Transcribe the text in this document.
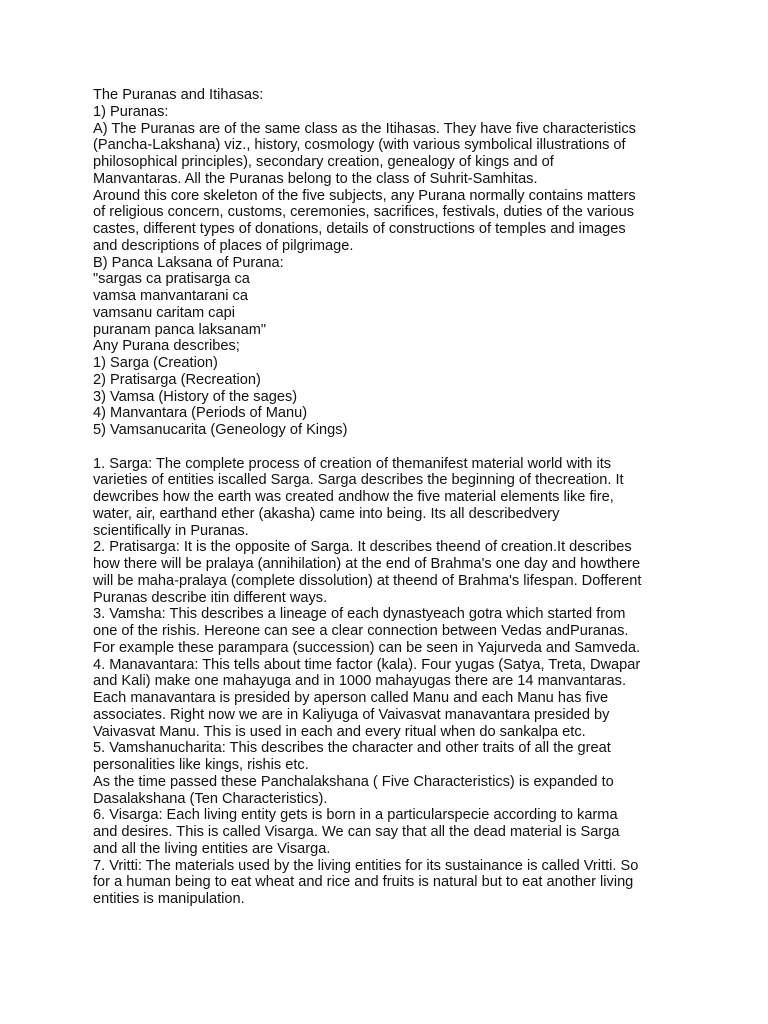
The Puranas and Itihasas:
1) Puranas:
A) The Puranas are of the same class as the Itihasas. They have five characteristics
(Pancha-Lakshana) viz., history, cosmology (with various symbolical illustrations of
philosophical principles), secondary creation, genealogy of kings and of
Manvantaras. All the Puranas belong to the class of Suhrit-Samhitas.
Around this core skeleton of the five subjects, any Purana normally contains matters
of religious concern, customs, ceremonies, sacrifices, festivals, duties of the various
castes, different types of donations, details of constructions of temples and images
and descriptions of places of pilgrimage.
B) Panca Laksana of Purana:
"sargas ca pratisarga ca
vamsa manvantarani ca
vamsanu caritam capi
puranam panca laksanam"
Any Purana describes;
1) Sarga (Creation)
2) Pratisarga (Recreation)
3) Vamsa (History of the sages)
4) Manvantara (Periods of Manu)
5) Vamsanucarita (Geneology of Kings)
1. Sarga: The complete process of creation of themanifest material world with its
varieties of entities iscalled Sarga. Sarga describes the beginning of thecreation. It
dewcribes how the earth was created andhow the five material elements like fire,
water, air, earthand ether (akasha) came into being. Its all describedvery
scientifically in Puranas.
2. Pratisarga: It is the opposite of Sarga. It describes theend of creation.It describes
how there will be pralaya (annihilation) at the end of Brahma's one day and howthere
will be maha-pralaya (complete dissolution) at theend of Brahma's lifespan. Dofferent
Puranas describe itin different ways.
3. Vamsha: This describes a lineage of each dynastyeach gotra which started from
one of the rishis. Hereone can see a clear connection between Vedas andPuranas.
For example these parampara (succession) can be seen in Yajurveda and Samveda.
4. Manavantara: This tells about time factor (kala). Four yugas (Satya, Treta, Dwapar
and Kali) make one mahayuga and in 1000 mahayugas there are 14 manvantaras.
Each manavantara is presided by aperson called Manu and each Manu has five
associates. Right now we are in Kaliyuga of Vaivasvat manavantara presided by
Vaivasvat Manu. This is used in each and every ritual when do sankalpa etc.
5. Vamshanucharita: This describes the character and other traits of all the great
personalities like kings, rishis etc.
As the time passed these Panchalakshana ( Five Characteristics) is expanded to
Dasalakshana (Ten Characteristics).
6. Visarga: Each living entity gets is born in a particularspecie according to karma
and desires. This is called Visarga. We can say that all the dead material is Sarga
and all the living entities are Visarga.
7. Vritti: The materials used by the living entities for its sustainance is called Vritti. So
for a human being to eat wheat and rice and fruits is natural but to eat another living
entities is manipulation.
